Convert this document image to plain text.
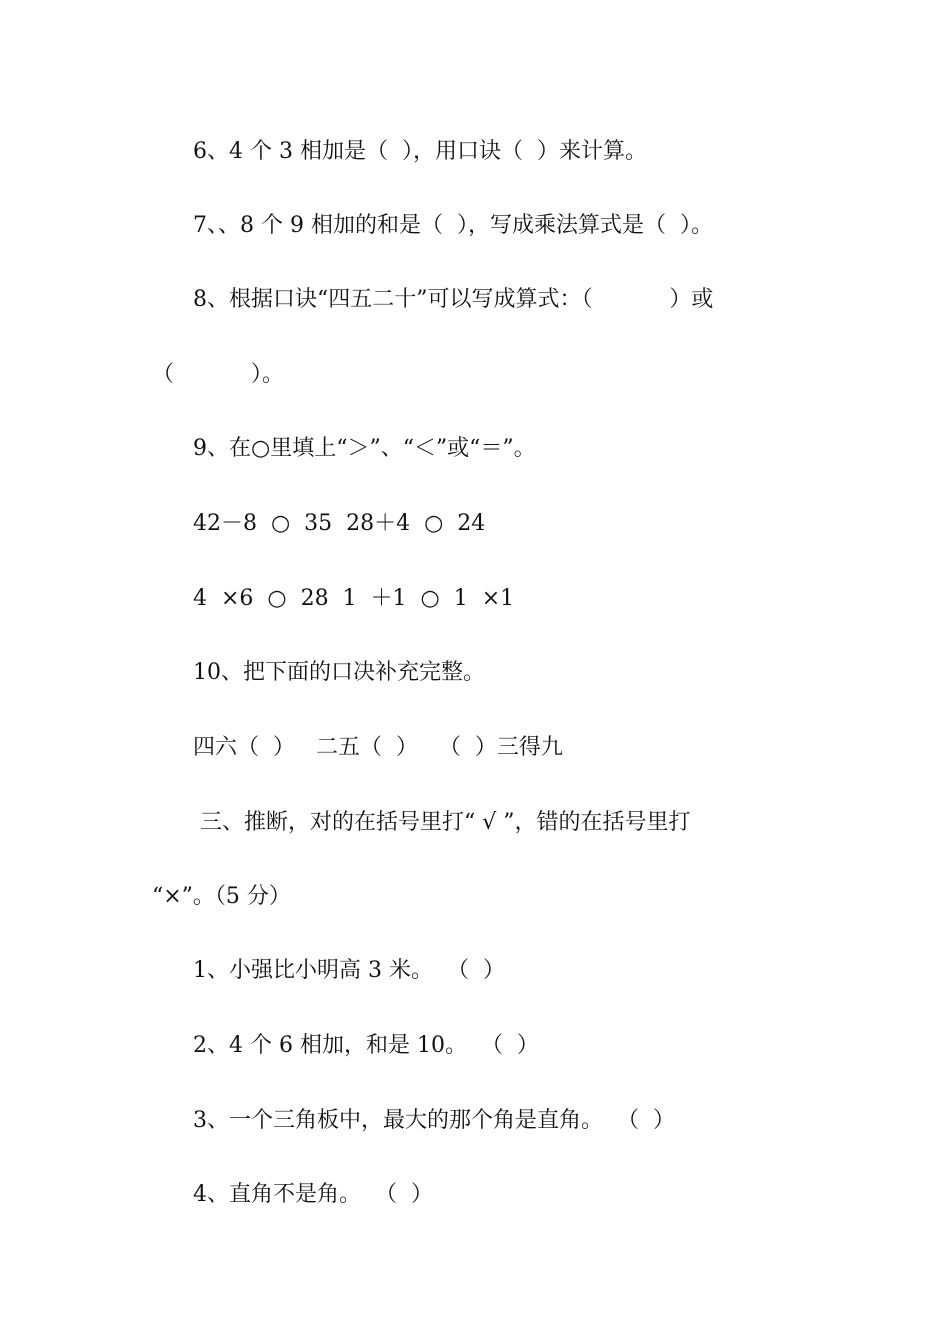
6、4 个 3 相加是（  ），用口诀（  ）来计算。
7、、8 个 9 相加的和是（  ），写成乘法算式是（  ）。
8、根据口诀“四五二十”可以写成算式：（           ）或
（           ）。
9、在○里填上“＞”、“＜”或“＝”。
42－8  ○  35  28＋4  ○  24
4  ×6  ○  28  1  ＋1  ○  1  ×1
10、把下面的口决补充完整。
四六（  ）   二五（  ）   （  ）三得九
三、推断，对的在括号里打“ √ ”，错的在括号里打
“×”。（5 分）
1、小强比小明高 3 米。  （  ）
2、4 个 6 相加，和是 10。  （  ）
3、一个三角板中，最大的那个角是直角。  （  ）
4、直角不是角。  （  ）
